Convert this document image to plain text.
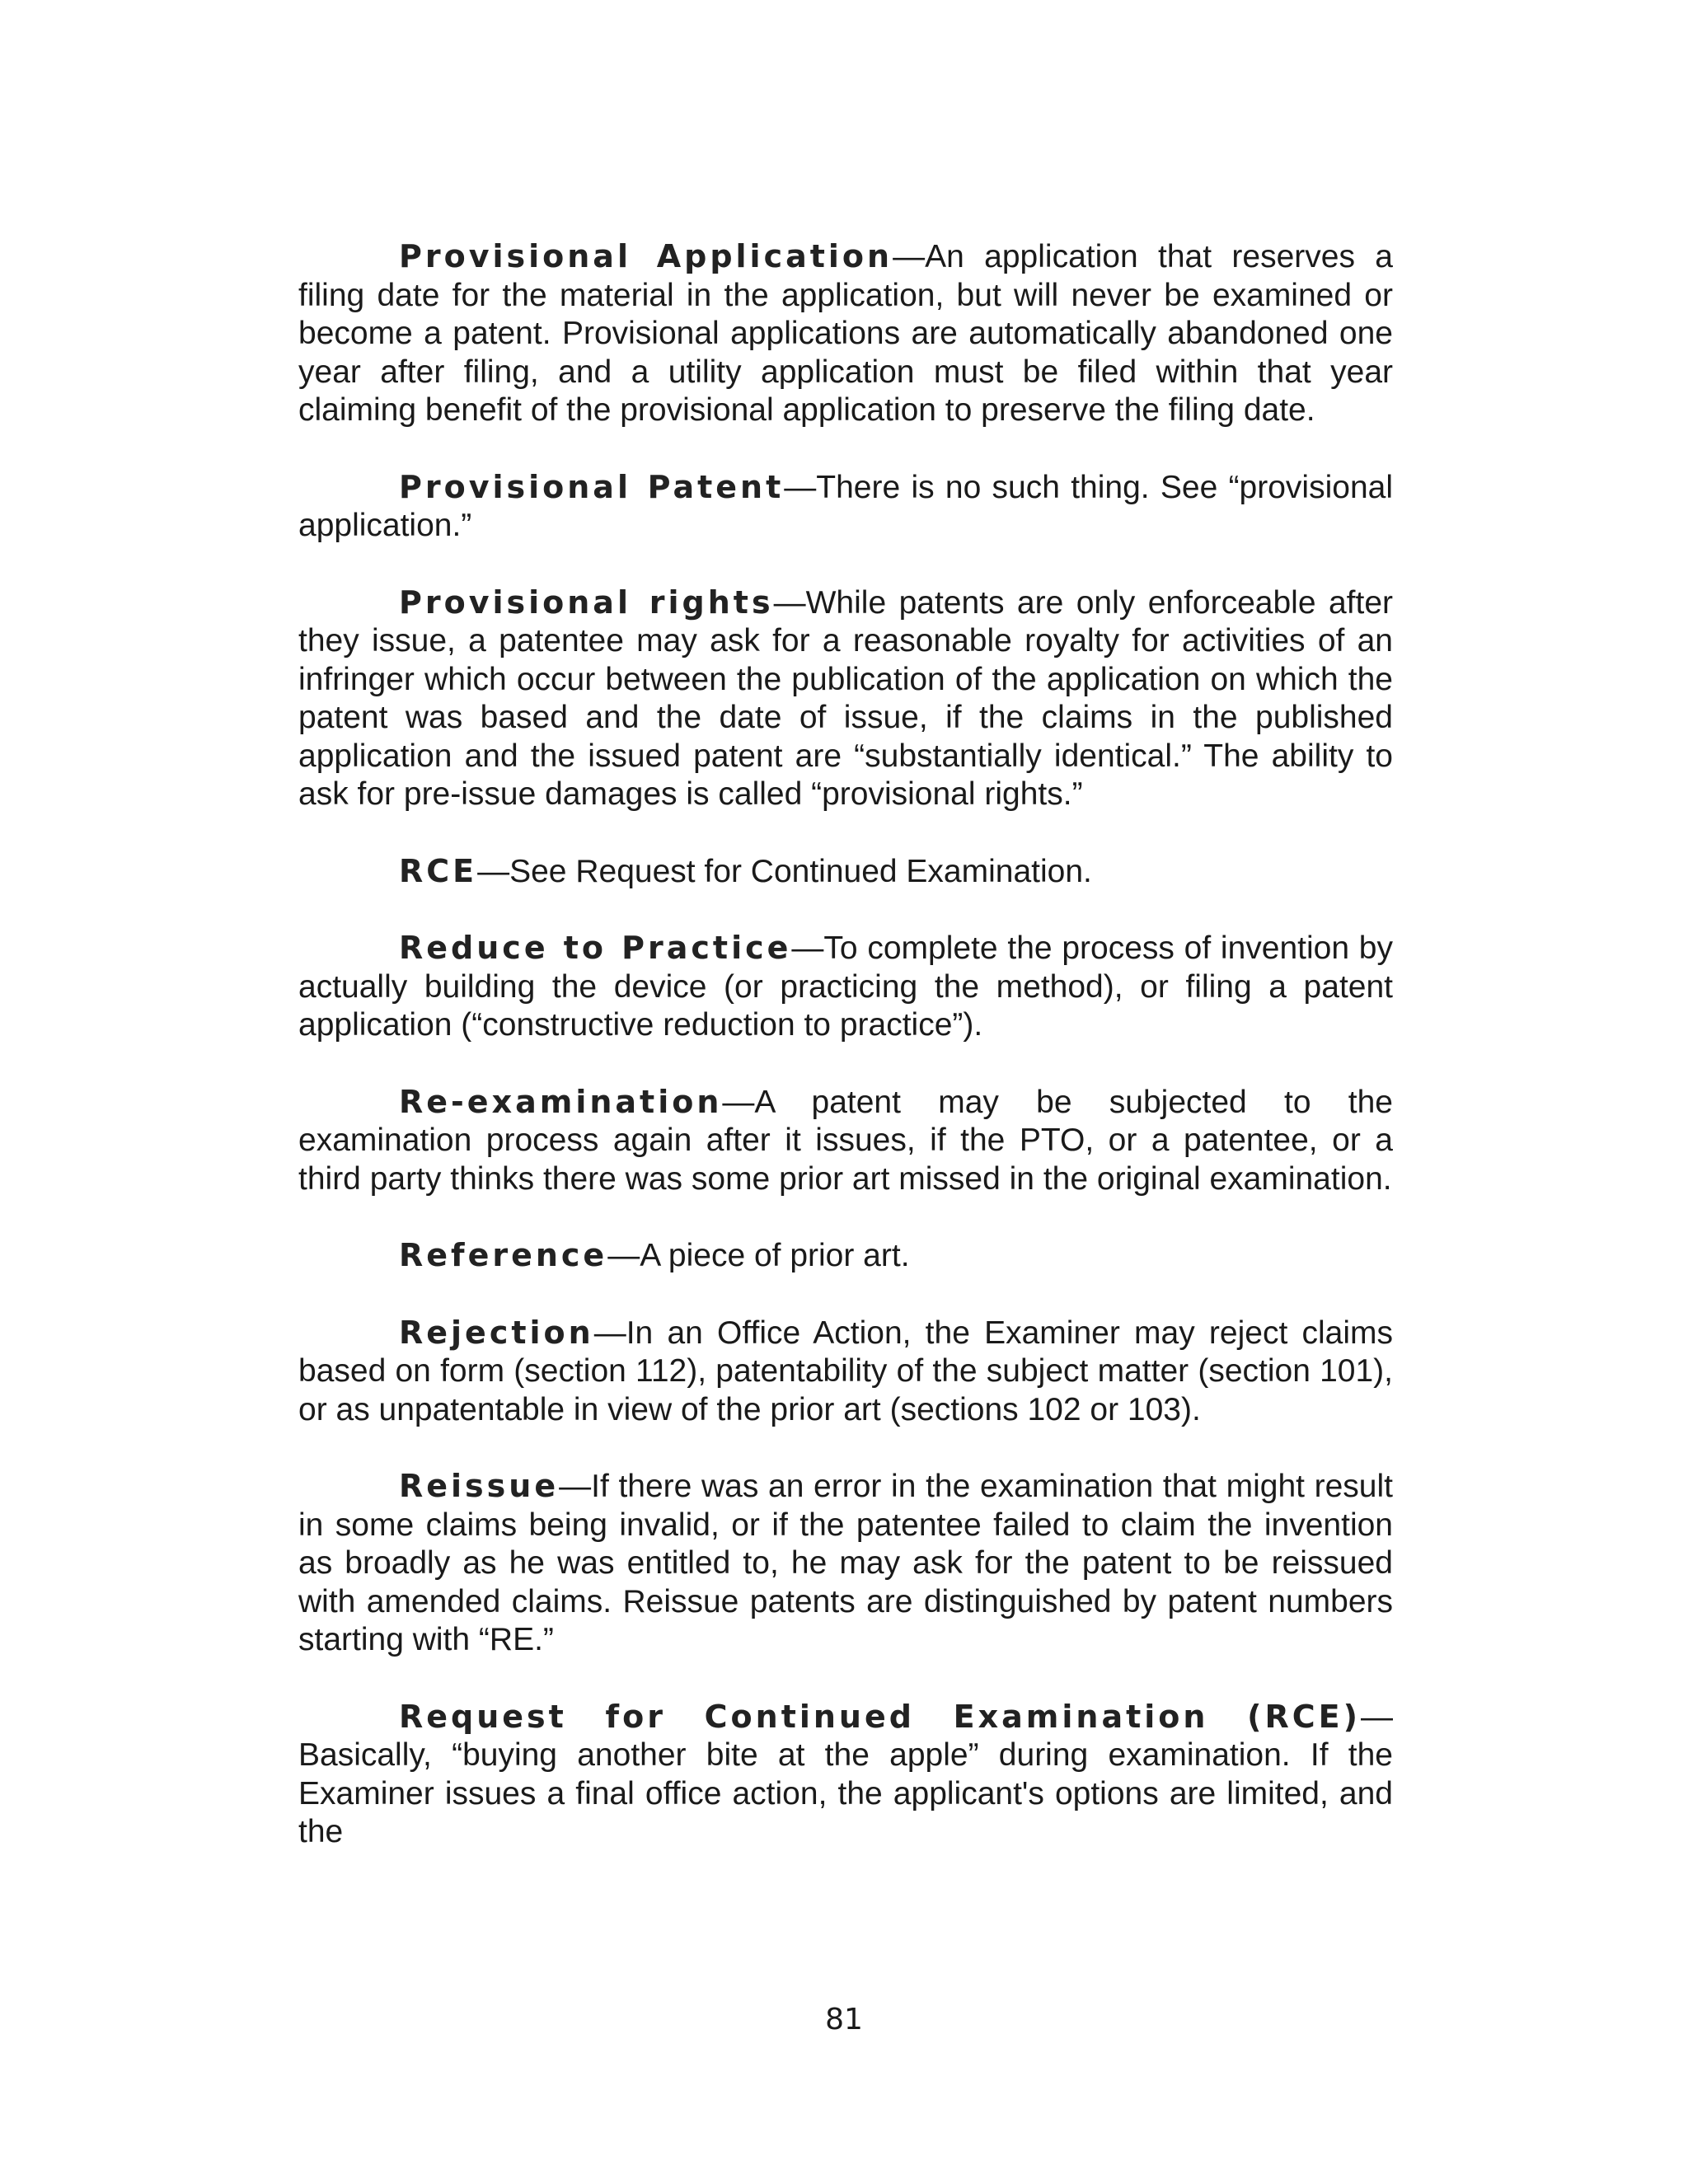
Provisional Application—An application that reserves a filing date for the material in the application, but will never be examined or become a patent. Provisional applications are automatically abandoned one year after filing, and a utility application must be filed within that year claiming benefit of the provisional application to preserve the filing date.

Provisional Patent—There is no such thing. See “provisional application.”

Provisional rights—While patents are only enforceable after they issue, a patentee may ask for a reasonable royalty for activities of an infringer which occur between the publication of the application on which the patent was based and the date of issue, if the claims in the published application and the issued patent are “substantially identical.” The ability to ask for pre-issue damages is called “provisional rights.”

RCE—See Request for Continued Examination.

Reduce to Practice—To complete the process of invention by actually building the device (or practicing the method), or filing a patent application (“constructive reduction to practice”).

Re-examination—A patent may be subjected to the examination process again after it issues, if the PTO, or a patentee, or a third party thinks there was some prior art missed in the original examination.

Reference—A piece of prior art.

Rejection—In an Office Action, the Examiner may reject claims based on form (section 112), patentability of the subject matter (section 101), or as unpatentable in view of the prior art (sections 102 or 103).

Reissue—If there was an error in the examination that might result in some claims being invalid, or if the patentee failed to claim the invention as broadly as he was entitled to, he may ask for the patent to be reissued with amended claims. Reissue patents are distinguished by patent numbers starting with “RE.”

Request for Continued Examination (RCE)—Basically, “buying another bite at the apple” during examination. If the Examiner issues a final office action, the applicant's options are limited, and the

81
